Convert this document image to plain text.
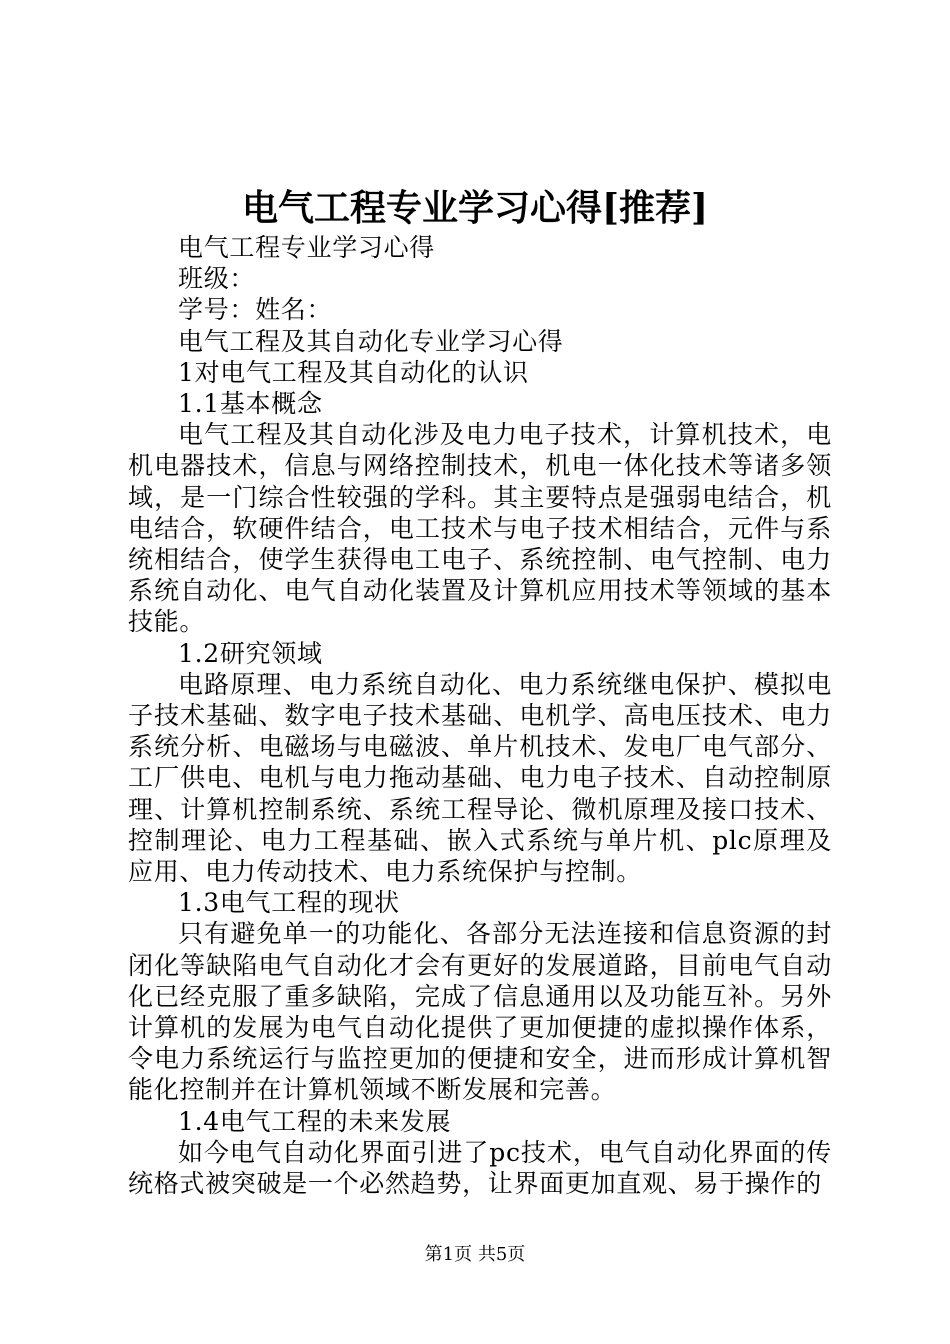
电气工程专业学习心得[推荐]

电气工程专业学习心得

班级：

学号：姓名：

电气工程及其自动化专业学习心得

1对电气工程及其自动化的认识

1.1基本概念

电气工程及其自动化涉及电力电子技术，计算机技术，电机电器技术，信息与网络控制技术，机电一体化技术等诸多领域，是一门综合性较强的学科。其主要特点是强弱电结合，机电结合，软硬件结合，电工技术与电子技术相结合，元件与系统相结合，使学生获得电工电子、系统控制、电气控制、电力系统自动化、电气自动化装置及计算机应用技术等领域的基本技能。

1.2研究领域

电路原理、电力系统自动化、电力系统继电保护、模拟电子技术基础、数字电子技术基础、电机学、高电压技术、电力系统分析、电磁场与电磁波、单片机技术、发电厂电气部分、工厂供电、电机与电力拖动基础、电力电子技术、自动控制原理、计算机控制系统、系统工程导论、微机原理及接口技术、控制理论、电力工程基础、嵌入式系统与单片机、plc原理及应用、电力传动技术、电力系统保护与控制。

1.3电气工程的现状

只有避免单一的功能化、各部分无法连接和信息资源的封闭化等缺陷电气自动化才会有更好的发展道路，目前电气自动化已经克服了重多缺陷，完成了信息通用以及功能互补。另外计算机的发展为电气自动化提供了更加便捷的虚拟操作体系，令电力系统运行与监控更加的便捷和安全，进而形成计算机智能化控制并在计算机领域不断发展和完善。

1.4电气工程的未来发展

如今电气自动化界面引进了pc技术，电气自动化界面的传统格式被突破是一个必然趋势，让界面更加直观、易于操作的

第1页 共5页
